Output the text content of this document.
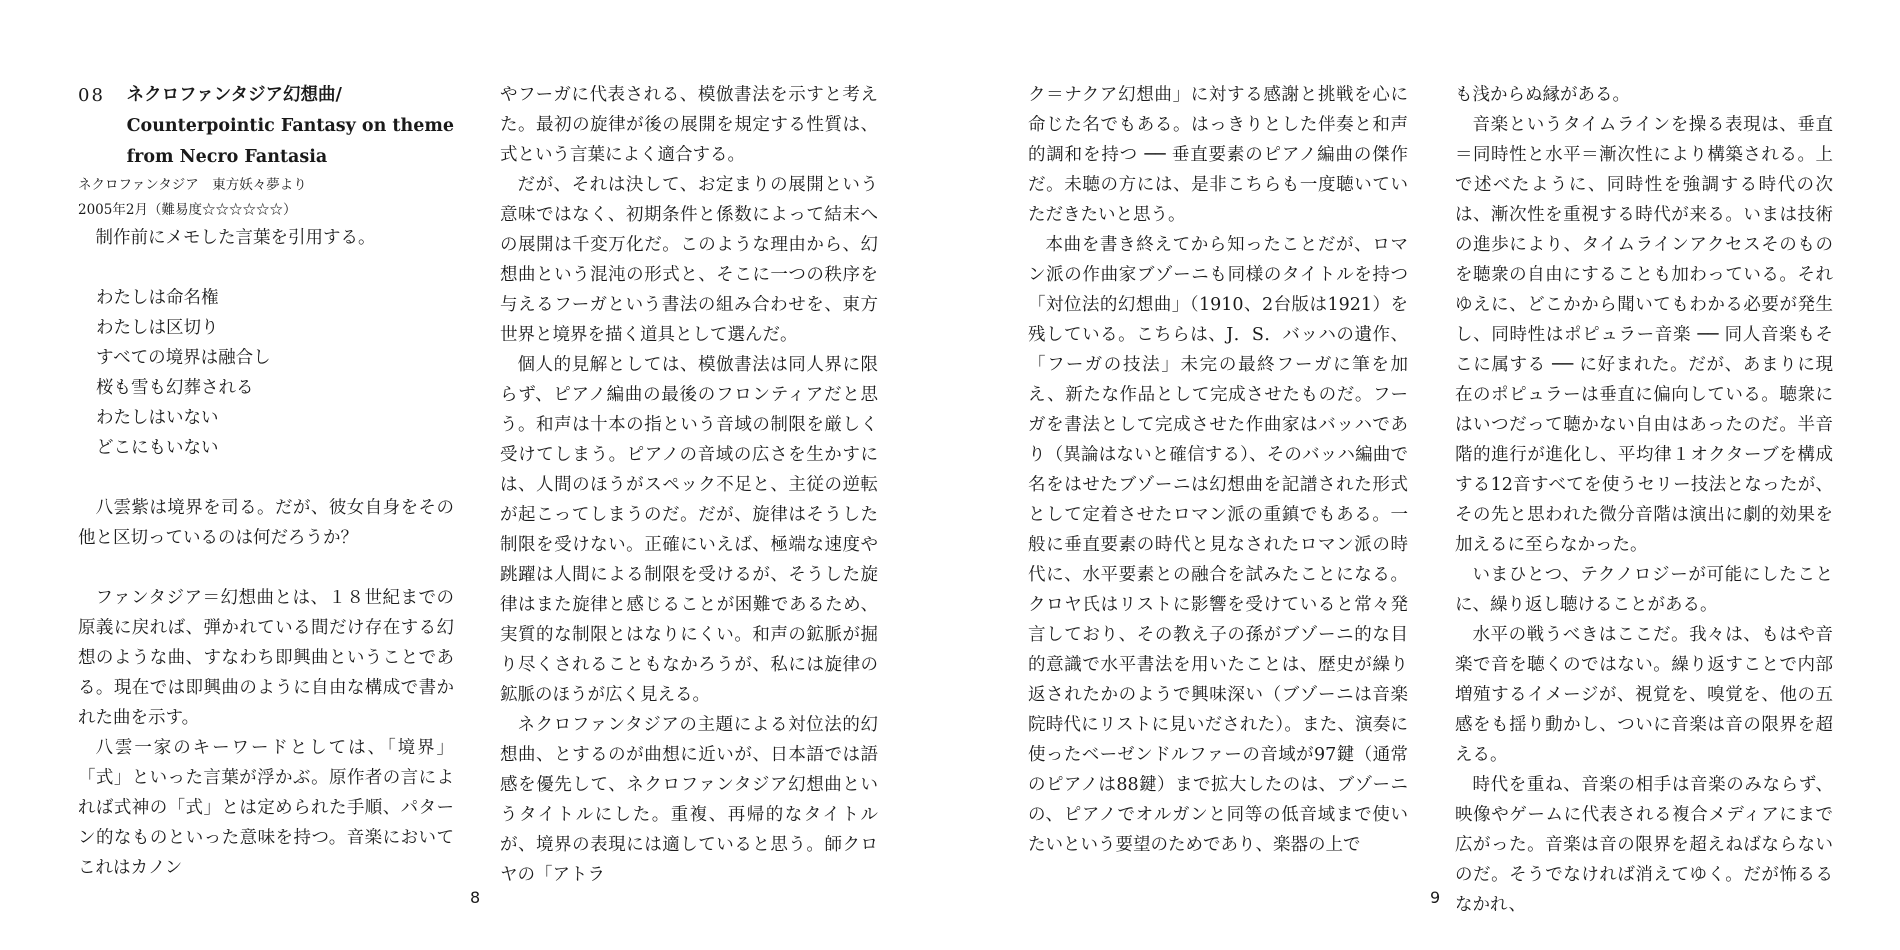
08	ネクロファンタジア幻想曲/
Counterpointic Fantasy on theme
from Necro Fantasia
ネクロファンタジア　東方妖々夢より
2005年2月（難易度☆☆☆☆☆☆）

制作前にメモした言葉を引用する。

わたしは命名権
わたしは区切り
すべての境界は融合し
桜も雪も幻葬される
わたしはいない
どこにもいない

八雲紫は境界を司る。だが、彼女自身をその他と区切っているのは何だろうか？

ファンタジア＝幻想曲とは、１８世紀までの原義に戻れば、弾かれている間だけ存在する幻想のような曲、すなわち即興曲ということである。現在では即興曲のように自由な構成で書かれた曲を示す。

八雲一家のキーワードとしては、「境界」「式」といった言葉が浮かぶ。原作者の言によれば式神の「式」とは定められた手順、パターン的なものといった意味を持つ。音楽においてこれはカノン

やフーガに代表される、模倣書法を示すと考えた。最初の旋律が後の展開を規定する性質は、式という言葉によく適合する。

だが、それは決して、お定まりの展開という意味ではなく、初期条件と係数によって結末への展開は千変万化だ。このような理由から、幻想曲という混沌の形式と、そこに一つの秩序を与えるフーガという書法の組み合わせを、東方世界と境界を描く道具として選んだ。

個人的見解としては、模倣書法は同人界に限らず、ピアノ編曲の最後のフロンティアだと思う。和声は十本の指という音域の制限を厳しく受けてしまう。ピアノの音域の広さを生かすには、人間のほうがスペック不足と、主従の逆転が起こってしまうのだ。だが、旋律はそうした制限を受けない。正確にいえば、極端な速度や跳躍は人間による制限を受けるが、そうした旋律はまた旋律と感じることが困難であるため、実質的な制限とはなりにくい。和声の鉱脈が掘り尽くされることもなかろうが、私には旋律の鉱脈のほうが広く見える。

ネクロファンタジアの主題による対位法的幻想曲、とするのが曲想に近いが、日本語では語感を優先して、ネクロファンタジア幻想曲というタイトルにした。重複、再帰的なタイトルが、境界の表現には適していると思う。師クロヤの「アトラ

8

ク＝ナクア幻想曲」に対する感謝と挑戦を心に命じた名でもある。はっきりとした伴奏と和声的調和を持つ ── 垂直要素のピアノ編曲の傑作だ。未聴の方には、是非こちらも一度聴いていただきたいと思う。

本曲を書き終えてから知ったことだが、ロマン派の作曲家ブゾーニも同様のタイトルを持つ「対位法的幻想曲」（1910、2台版は1921）を残している。こちらは、J．S．バッハの遺作、「フーガの技法」未完の最終フーガに筆を加え、新たな作品として完成させたものだ。フーガを書法として完成させた作曲家はバッハであり（異論はないと確信する）、そのバッハ編曲で名をはせたブゾーニは幻想曲を記譜された形式として定着させたロマン派の重鎮でもある。一般に垂直要素の時代と見なされたロマン派の時代に、水平要素との融合を試みたことになる。クロヤ氏はリストに影響を受けていると常々発言しており、その教え子の孫がブゾーニ的な目的意識で水平書法を用いたことは、歴史が繰り返されたかのようで興味深い（ブゾーニは音楽院時代にリストに見いだされた）。また、演奏に使ったベーゼンドルファーの音域が97鍵（通常のピアノは88鍵）まで拡大したのは、ブゾーニの、ピアノでオルガンと同等の低音域まで使いたいという要望のためであり、楽器の上で

も浅からぬ縁がある。

音楽というタイムラインを操る表現は、垂直＝同時性と水平＝漸次性により構築される。上で述べたように、同時性を強調する時代の次は、漸次性を重視する時代が来る。いまは技術の進歩により、タイムラインアクセスそのものを聴衆の自由にすることも加わっている。それゆえに、どこかから聞いてもわかる必要が発生し、同時性はポピュラー音楽 ── 同人音楽もそこに属する ── に好まれた。だが、あまりに現在のポピュラーは垂直に偏向している。聴衆にはいつだって聴かない自由はあったのだ。半音階的進行が進化し、平均律１オクターブを構成する12音すべてを使うセリー技法となったが、その先と思われた微分音階は演出に劇的効果を加えるに至らなかった。

いまひとつ、テクノロジーが可能にしたことに、繰り返し聴けることがある。

水平の戦うべきはここだ。我々は、もはや音楽で音を聴くのではない。繰り返すことで内部増殖するイメージが、視覚を、嗅覚を、他の五感をも揺り動かし、ついに音楽は音の限界を超える。

時代を重ね、音楽の相手は音楽のみならず、映像やゲームに代表される複合メディアにまで広がった。音楽は音の限界を超えねばならないのだ。そうでなければ消えてゆく。だが怖るるなかれ、

9
